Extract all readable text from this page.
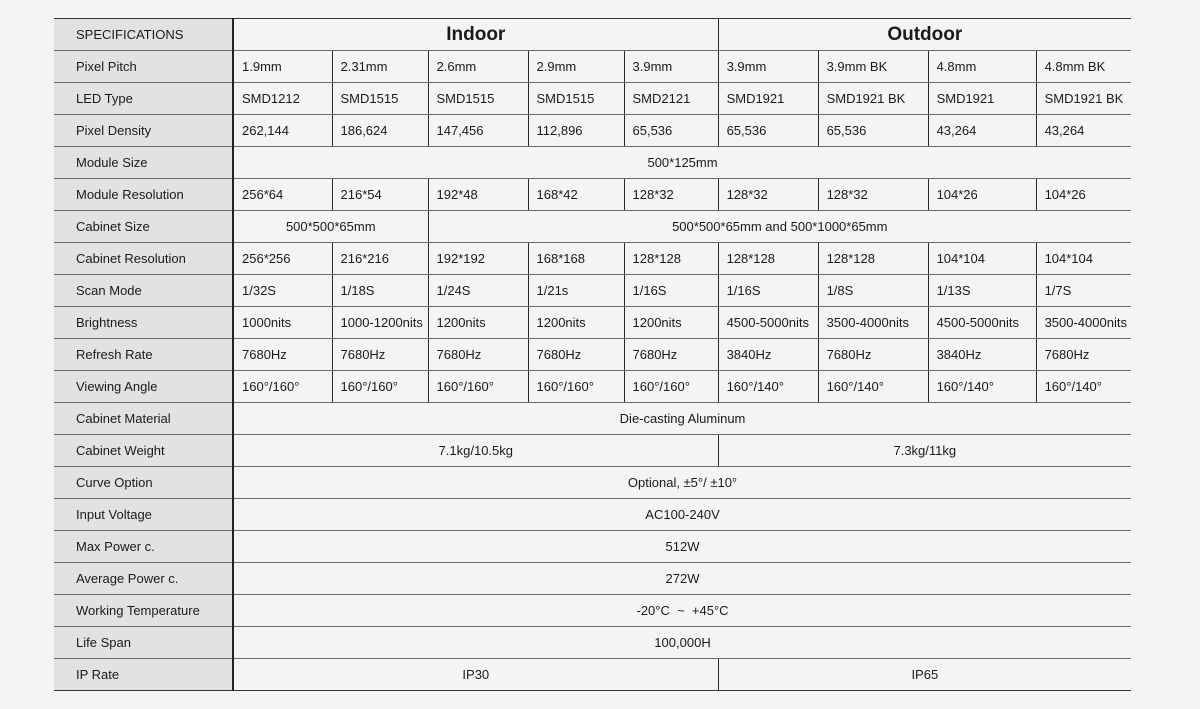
SPECIFICATIONS	Indoor					Outdoor			
Pixel Pitch	1.9mm	2.31mm	2.6mm	2.9mm	3.9mm	3.9mm	3.9mm BK	4.8mm	4.8mm BK
LED Type	SMD1212	SMD1515	SMD1515	SMD1515	SMD2121	SMD1921	SMD1921 BK	SMD1921	SMD1921 BK
Pixel Density	262,144	186,624	147,456	112,896	65,536	65,536	65,536	43,264	43,264
Module Size	500*125mm								
Module Resolution	256*64	216*54	192*48	168*42	128*32	128*32	128*32	104*26	104*26
Cabinet Size	500*500*65mm		500*500*65mm and 500*1000*65mm						
Cabinet Resolution	256*256	216*216	192*192	168*168	128*128	128*128	128*128	104*104	104*104
Scan Mode	1/32S	1/18S	1/24S	1/21s	1/16S	1/16S	1/8S	1/13S	1/7S
Brightness	1000nits	1000-1200nits	1200nits	1200nits	1200nits	4500-5000nits	3500-4000nits	4500-5000nits	3500-4000nits
Refresh Rate	7680Hz	7680Hz	7680Hz	7680Hz	7680Hz	3840Hz	7680Hz	3840Hz	7680Hz
Viewing Angle	160°/160°	160°/160°	160°/160°	160°/160°	160°/160°	160°/140°	160°/140°	160°/140°	160°/140°
Cabinet Material	Die-casting Aluminum								
Cabinet Weight	7.1kg/10.5kg					7.3kg/11kg			
Curve Option	Optional, ±5°/ ±10°								
Input Voltage	AC100-240V								
Max Power c.	512W								
Average Power c.	272W								
Working Temperature	-20°C  ~  +45°C								
Life Span	100,000H								
IP Rate	IP30					IP65			
